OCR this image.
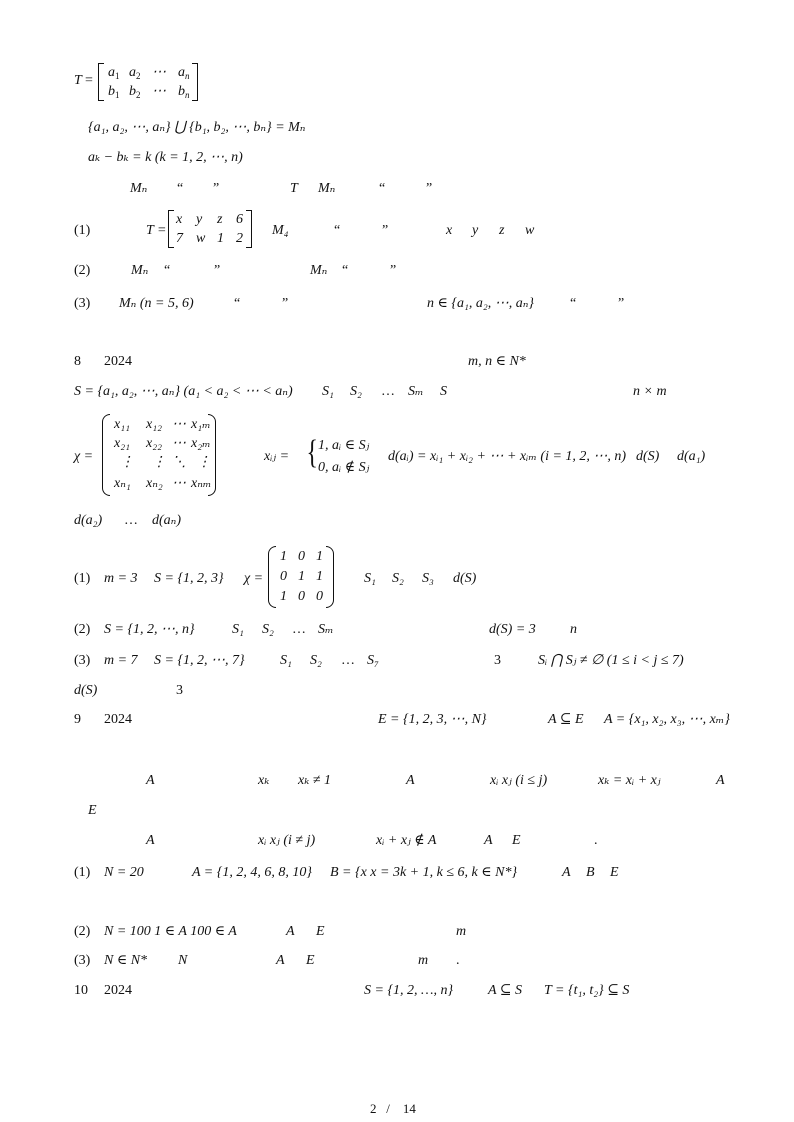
T =
$a_1$ $a_2$ ⋯ $a_n$
$b_1$ $b_2$ ⋯ $b_n$
{a₁, a₂, ⋯, aₙ} ⋃ {b₁, b₂, ⋯, bₙ} = Mₙ
aₖ − bₖ = k (k = 1, 2, ⋯, n)
Mₙ “ ”	T Mₙ	“	”
(1)	T =
x y z 6
7 w 1 2
M₄	“	”	x y z w
(2)	Mₙ “	”	Mₙ “	”
(3) Mₙ (n = 5, 6)	“	”	n ∈ {a₁, a₂, ⋯, aₙ}	“	”
8 2024	m, n ∈ N*
S = {a₁, a₂, ⋯, aₙ} (a₁ < a₂ < ⋯ < aₙ) S₁ S₂ … Sₘ S	n × m
χ =
x₁₁ x₁₂ ⋯ x₁ₘ
x₂₁ x₂₂ ⋯ x₂ₘ
⋮ ⋮ ⋱ ⋮
xₙ₁ xₙ₂ ⋯ xₙₘ
xᵢⱼ = { 1, aᵢ ∈ Sⱼ
0, aᵢ ∉ Sⱼ
d(aᵢ) = xᵢ₁ + xᵢ₂ + ⋯ + xᵢₘ (i = 1, 2, ⋯, n) d(S) d(a₁)
d(a₂) … d(aₙ)
(1) m = 3 S = {1, 2, 3} χ =
1 0 1
0 1 1
1 0 0
S₁ S₂ S₃ d(S)
(2) S = {1, 2, ⋯, n}	S₁ S₂ … Sₘ	d(S) = 3 n
(3) m = 7 S = {1, 2, ⋯, 7}	S₁ S₂ … S₇	3	Sᵢ ⋂ Sⱼ ≠ ∅ (1 ≤ i < j ≤ 7)
d(S)	3
9 2024	E = {1, 2, 3, ⋯, N}	A ⊆ E A = {x₁, x₂, x₃, ⋯, xₘ}
A	xₖ xₖ ≠ 1	A	xᵢ xⱼ (i ≤ j)	xₖ = xᵢ + xⱼ	A
E
A	xᵢ xⱼ (i ≠ j)	xᵢ + xⱼ ∉ A	A E	.
(1) N = 20	A = {1, 2, 4, 6, 8, 10} B = {x x = 3k + 1, k ≤ 6, k ∈ N*}	A B E
(2) N = 100 1 ∈ A 100 ∈ A	A E	m
(3) N ∈ N* N	A E	m .
10 2024	S = {1, 2, …, n} A ⊆ S T = {t₁, t₂} ⊆ S
2 / 14
